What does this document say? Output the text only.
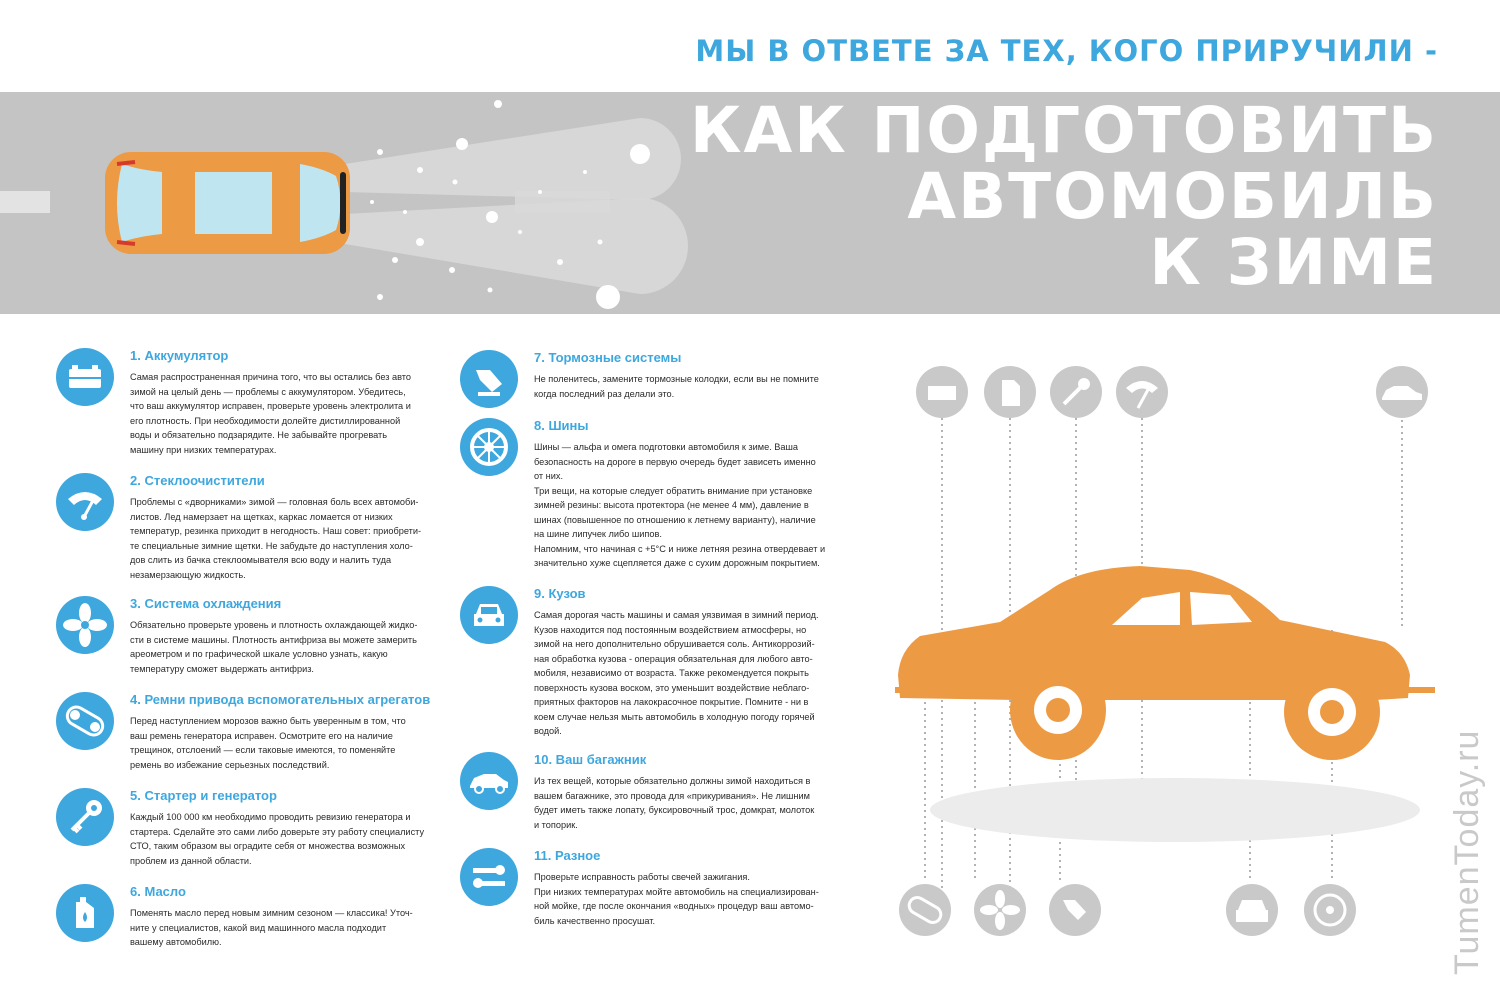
МЫ В ОТВЕТЕ ЗА ТЕХ, КОГО ПРИРУЧИЛИ -
КАК ПОДГОТОВИТЬ
АВТОМОБИЛЬ
К ЗИМЕ
1. Аккумулятор

Самая распространенная причина того, что вы остались без авто
зимой на целый день — проблемы с аккумулятором. Убедитесь,
что ваш аккумулятор исправен, проверьте уровень электролита и
его плотность. При необходимости долейте дистиллированной
воды и обязательно подзарядите. Не забывайте прогревать
машину при низких температурах.

2. Стеклоочистители

Проблемы с «дворниками» зимой — головная боль всех автомоби-
листов. Лед намерзает на щетках, каркас ломается от низких
температур, резинка приходит в негодность. Наш совет: приобрети-
те специальные зимние щетки. Не забудьте до наступления холо-
дов слить из бачка стеклоомывателя всю воду и налить туда
незамерзающую жидкость.

3. Система охлаждения

Обязательно проверьте уровень и плотность охлаждающей жидко-
сти в системе машины. Плотность антифриза вы можете замерить
ареометром и по графической шкале условно узнать, какую
температуру сможет выдержать антифриз.

4. Ремни привода вспомогательных агрегатов

Перед наступлением морозов важно быть уверенным в том, что
ваш ремень генератора исправен. Осмотрите его на наличие
трещинок, отслоений — если таковые имеются, то поменяйте
ремень во избежание серьезных последствий.

5. Стартер и генератор

Каждый 100 000 км необходимо проводить ревизию генератора и
стартера. Сделайте это сами либо доверьте эту работу специалисту
СТО, таким образом вы оградите себя от множества возможных
проблем из данной области.

6. Масло

Поменять масло перед новым зимним сезоном — классика! Уточ-
ните у специалистов, какой вид машинного масла подходит
вашему автомобилю.

7. Тормозные системы

Не поленитесь, замените тормозные колодки, если вы не помните
когда последний раз делали это.

8. Шины

Шины — альфа и омега подготовки автомобиля к зиме. Ваша
безопасность на дороге в первую очередь будет зависеть именно
от них.
Три вещи, на которые следует обратить внимание при установке
зимней резины: высота протектора (не менее 4 мм), давление в
шинах (повышенное по отношению к летнему варианту), наличие
на шине липучек либо шипов.
Напомним, что начиная с +5°С и ниже летняя резина отвердевает и
значительно хуже сцепляется даже с сухим дорожным покрытием.

9. Кузов

Самая дорогая часть машины и самая уязвимая в зимний период.
Кузов находится под постоянным воздействием атмосферы, но
зимой на него дополнительно обрушивается соль. Антикоррозий-
ная обработка кузова - операция обязательная для любого авто-
мобиля, независимо от возраста. Также рекомендуется покрыть
поверхность кузова воском, это уменьшит воздействие неблаго-
приятных факторов на лакокрасочное покрытие. Помните - ни в
коем случае нельзя мыть автомобиль в холодную погоду горячей
водой.

10. Ваш багажник

Из тех вещей, которые обязательно должны зимой находиться в
вашем багажнике, это провода для «прикуривания». Не лишним
будет иметь также лопату, буксировочный трос, домкрат, молоток
и топорик.

11. Разное

Проверьте исправность работы свечей зажигания.
При низких температурах мойте автомобиль на специализирован-
ной мойке, где после окончания «водных» процедур ваш автомо-
биль качественно просушат.	TumenToday.ru
